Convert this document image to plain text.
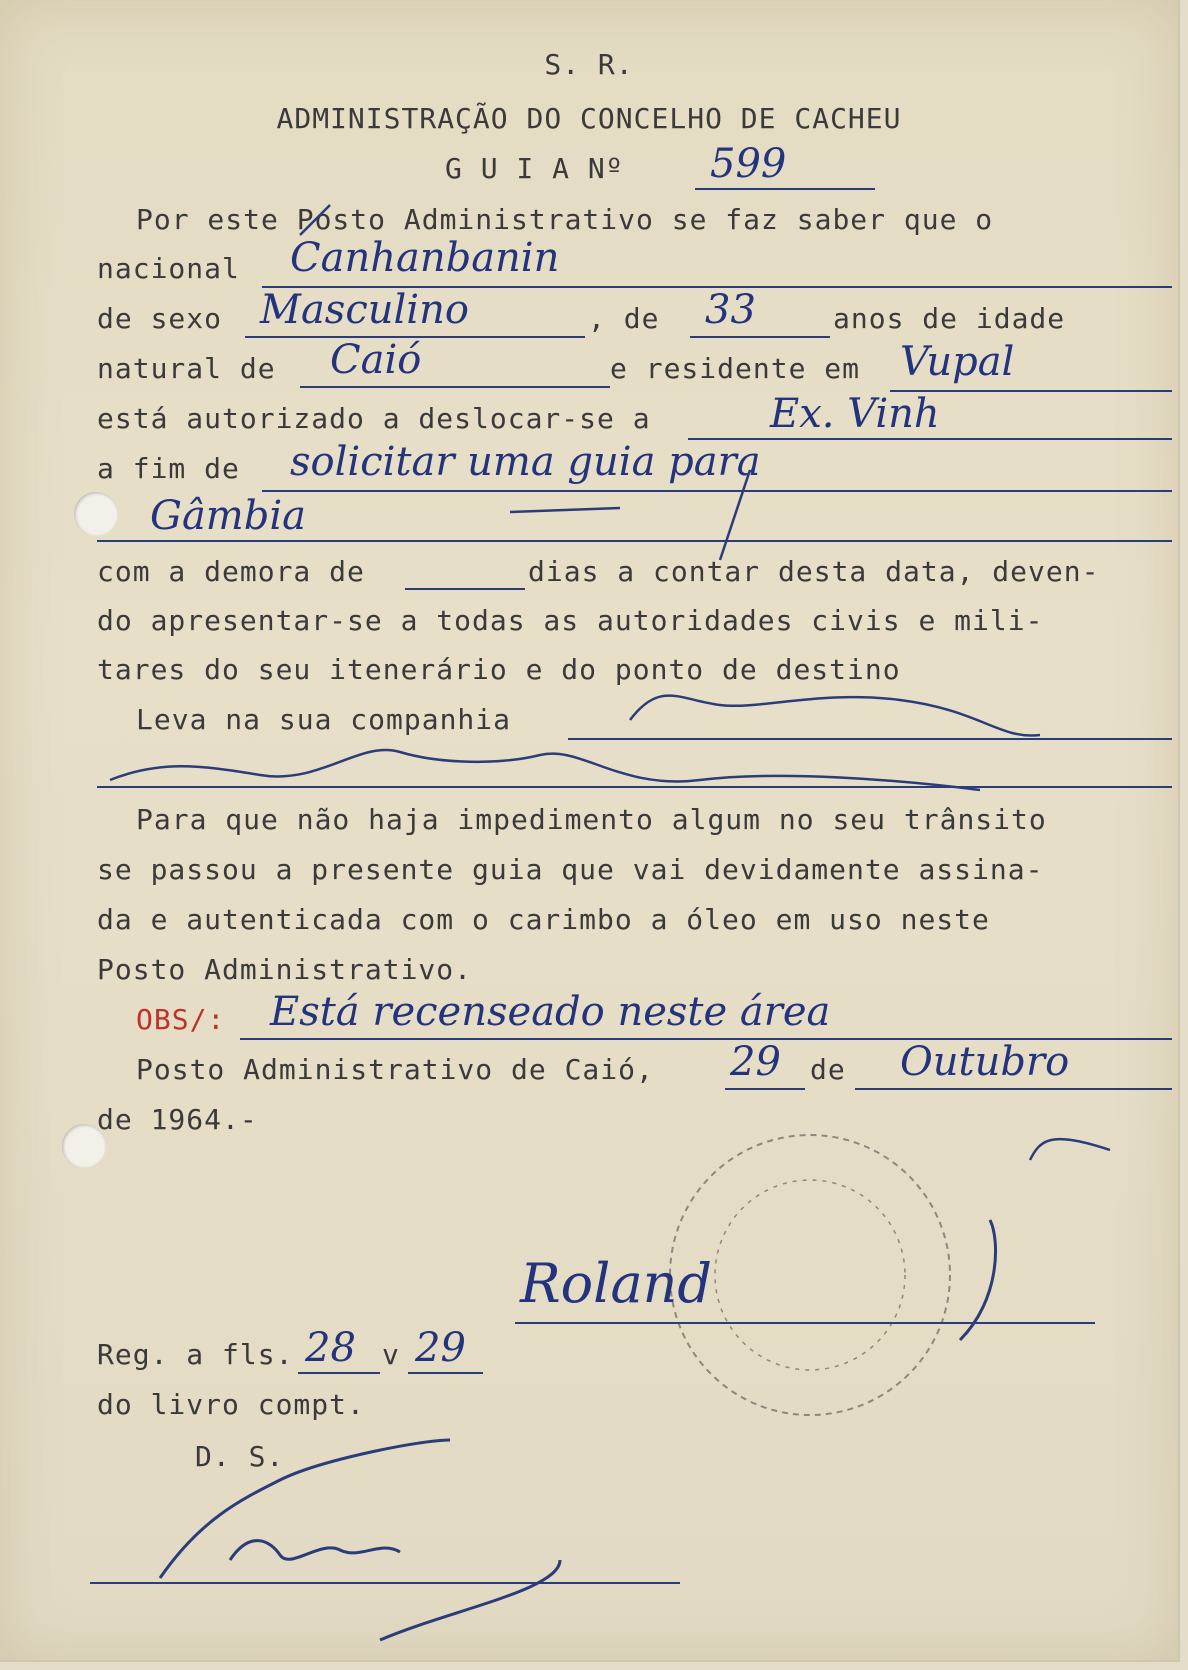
S. R.
ADMINISTRAÇÃO DO CONCELHO DE CACHEU
G U I A Nº 599
Por este Posto Administrativo se faz saber que o
nacional Canhanbanin
de sexo Masculino	, de 33	anos de idade
natural de Caió	e residente em Vupal
está autorizado a deslocar-se a	Ex. Vinh
a fim de solicitar uma guia para
Gâmbia
com a demora de	dias a contar desta data, deven-
do apresentar-se a todas as autoridades civis e mili-
tares do seu itenerário e do ponto de destino
Leva na sua companhia
Para que não haja impedimento algum no seu trânsito
se passou a presente guia que vai devidamente assina-
da e autenticada com o carimbo a óleo em uso neste
Posto Administrativo.
OBS/: Está recenseado neste área
Posto Administrativo de Caió, 29 de Outubro
de 1964.-
Roland
Reg. a fls. 28 v 29
do livro compt.
D. S.
